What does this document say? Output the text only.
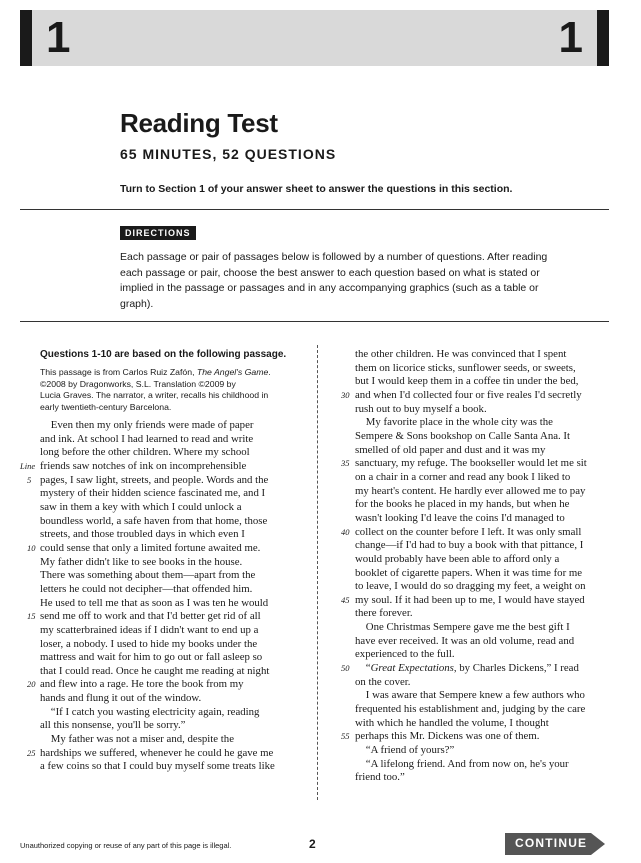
1	1
Reading Test
65 MINUTES, 52 QUESTIONS
Turn to Section 1 of your answer sheet to answer the questions in this section.
DIRECTIONS
Each passage or pair of passages below is followed by a number of questions. After reading each passage or pair, choose the best answer to each question based on what is stated or implied in the passage or passages and in any accompanying graphics (such as a table or graph).
Questions 1-10 are based on the following passage.
This passage is from Carlos Ruiz Zafón, The Angel's Game.
©2008 by Dragonworks, S.L. Translation ©2009 by
Lucia Graves. The narrator, a writer, recalls his childhood in
early twentieth-century Barcelona.
Even then my only friends were made of paper
and ink. At school I had learned to read and write
long before the other children. Where my school
friends saw notches of ink on incomprehensible
Line
pages, I saw light, streets, and people. Words and the
5
mystery of their hidden science fascinated me, and I
saw in them a key with which I could unlock a
boundless world, a safe haven from that home, those
streets, and those troubled days in which even I
could sense that only a limited fortune awaited me.
10
My father didn't like to see books in the house.
There was something about them—apart from the
letters he could not decipher—that offended him.
He used to tell me that as soon as I was ten he would
send me off to work and that I'd better get rid of all
15
my scatterbrained ideas if I didn't want to end up a
loser, a nobody. I used to hide my books under the
mattress and wait for him to go out or fall asleep so
that I could read. Once he caught me reading at night
and flew into a rage. He tore the book from my
20
hands and flung it out of the window.
“If I catch you wasting electricity again, reading
all this nonsense, you'll be sorry.”
My father was not a miser and, despite the
hardships we suffered, whenever he could he gave me
25
a few coins so that I could buy myself some treats like
the other children. He was convinced that I spent
them on licorice sticks, sunflower seeds, or sweets,
but I would keep them in a coffee tin under the bed,
and when I'd collected four or five reales I'd secretly
30
rush out to buy myself a book.
My favorite place in the whole city was the
Sempere & Sons bookshop on Calle Santa Ana. It
smelled of old paper and dust and it was my
sanctuary, my refuge. The bookseller would let me sit
35
on a chair in a corner and read any book I liked to
my heart's content. He hardly ever allowed me to pay
for the books he placed in my hands, but when he
wasn't looking I'd leave the coins I'd managed to
collect on the counter before I left. It was only small
40
change—if I'd had to buy a book with that pittance, I
would probably have been able to afford only a
booklet of cigarette papers. When it was time for me
to leave, I would do so dragging my feet, a weight on
my soul. If it had been up to me, I would have stayed
45
there forever.
One Christmas Sempere gave me the best gift I
have ever received. It was an old volume, read and
experienced to the full.
“Great Expectations, by Charles Dickens,” I read
50
on the cover.
I was aware that Sempere knew a few authors who
frequented his establishment and, judging by the care
with which he handled the volume, I thought
perhaps this Mr. Dickens was one of them.
55
“A friend of yours?”
“A lifelong friend. And from now on, he's your
friend too.”
Unauthorized copying or reuse of any part of this page is illegal.	2	CONTINUE
